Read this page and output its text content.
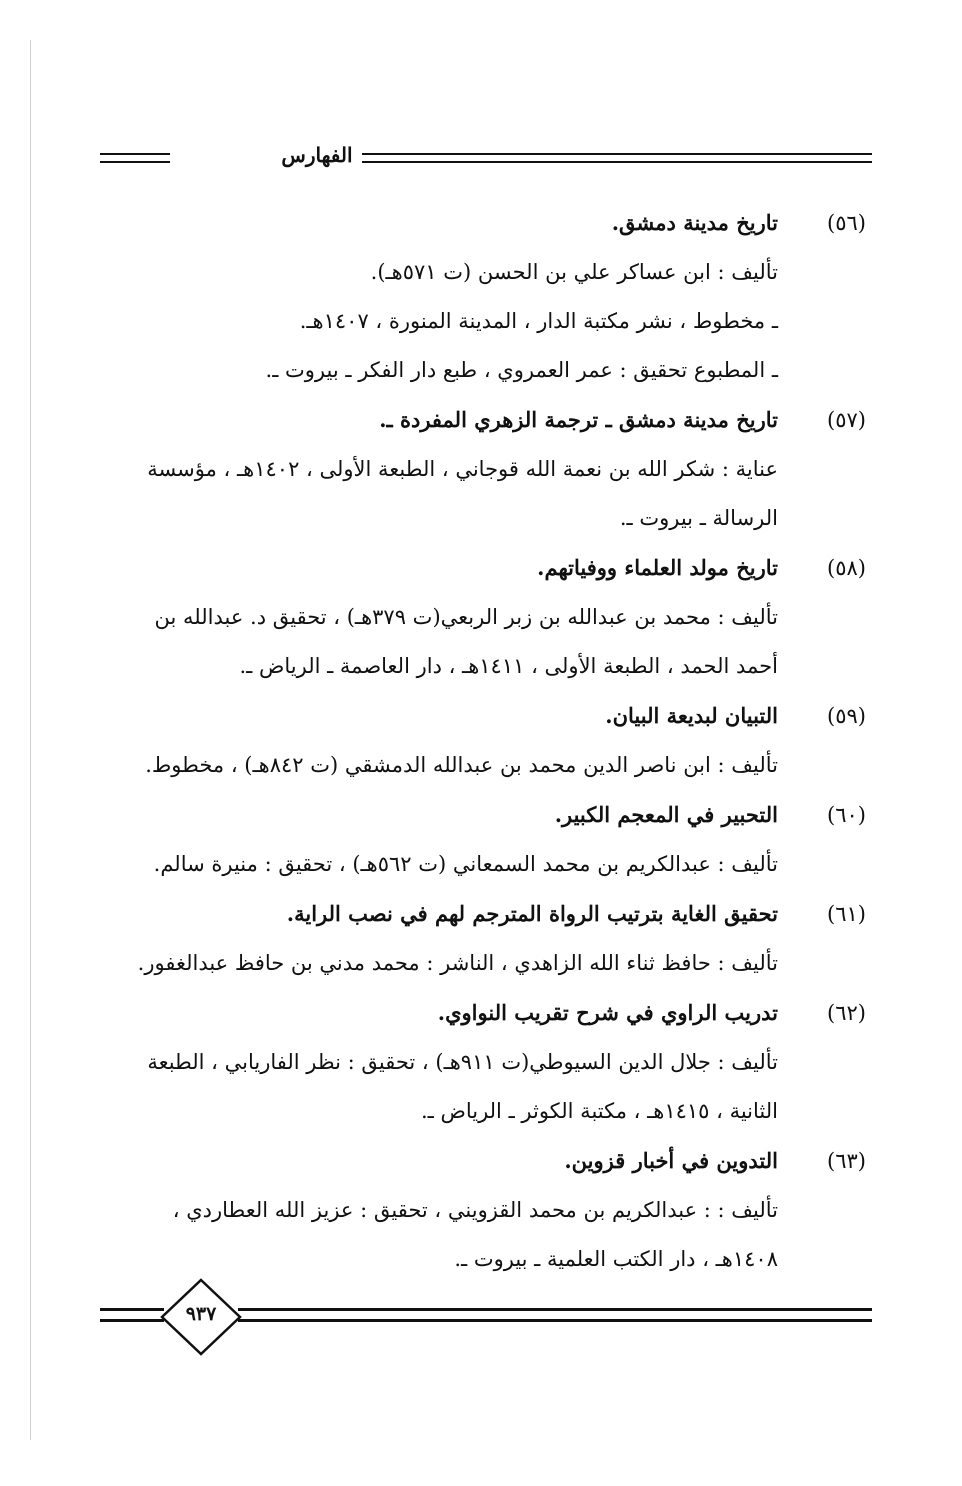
الفهارس
(٥٦)
تاريخ مدينة دمشق.
تأليف : ابن عساكر علي بن الحسن (ت ٥٧١هـ).
ـ مخطوط ، نشر مكتبة الدار ، المدينة المنورة ، ١٤٠٧هـ.
ـ المطبوع تحقيق : عمر العمروي ، طبع دار الفكر ـ بيروت ـ.
(٥٧)
تاريخ مدينة دمشق ـ ترجمة الزهري المفردة ـ.
عناية : شكر الله بن نعمة الله قوجاني ، الطبعة الأولى ، ١٤٠٢هـ ، مؤسسة
الرسالة ـ بيروت ـ.
(٥٨)
تاريخ مولد العلماء ووفياتهم.
تأليف : محمد بن عبدالله بن زبر الربعي(ت ٣٧٩هـ) ، تحقيق د. عبدالله بن
أحمد الحمد ، الطبعة الأولى ، ١٤١١هـ ، دار العاصمة ـ الرياض ـ.
(٥٩)
التبيان لبديعة البيان.
تأليف : ابن ناصر الدين محمد بن عبدالله الدمشقي (ت ٨٤٢هـ) ، مخطوط.
(٦٠)
التحبير في المعجم الكبير.
تأليف : عبدالكريم بن محمد السمعاني (ت ٥٦٢هـ) ، تحقيق : منيرة سالم.
(٦١)
تحقيق الغاية بترتيب الرواة المترجم لهم في نصب الراية.
تأليف : حافظ ثناء الله الزاهدي ، الناشر : محمد مدني بن حافظ عبدالغفور.
(٦٢)
تدريب الراوي في شرح تقريب النواوي.
تأليف : جلال الدين السيوطي(ت ٩١١هـ) ، تحقيق : نظر الفاريابي ، الطبعة
الثانية ، ١٤١٥هـ ، مكتبة الكوثر ـ الرياض ـ.
(٦٣)
التدوين في أخبار قزوين.
تأليف : : عبدالكريم بن محمد القزويني ، تحقيق : عزيز الله العطاردي ،
١٤٠٨هـ ، دار الكتب العلمية ـ بيروت ـ.
٩٣٧
